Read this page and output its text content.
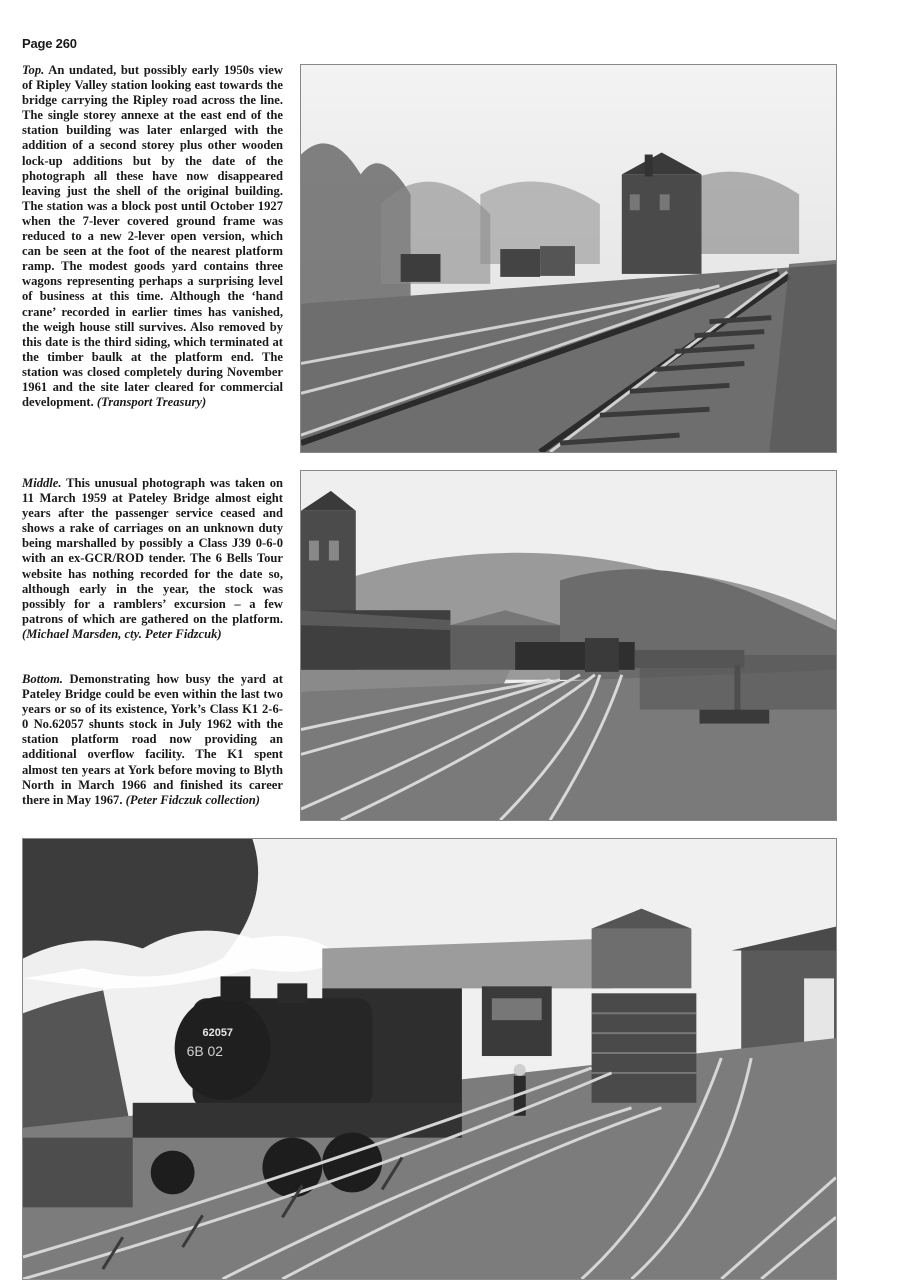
Page 260

Top. An undated, but possibly early 1950s view of Ripley Valley station looking east towards the bridge carrying the Ripley road across the line. The single storey annexe at the east end of the station building was later enlarged with the addition of a second storey plus other wooden lock-up additions but by the date of the photograph all these have now disappeared leaving just the shell of the original building. The station was a block post until October 1927 when the 7-lever covered ground frame was reduced to a new 2-lever open version, which can be seen at the foot of the nearest platform ramp. The modest goods yard contains three wagons representing perhaps a surprising level of business at this time. Although the ‘hand crane’ recorded in earlier times has vanished, the weigh house still survives. Also removed by this date is the third siding, which terminated at the timber baulk at the platform end. The station was closed completely during November 1961 and the site later cleared for commercial development. (Transport Treasury)

Middle. This unusual photograph was taken on 11 March 1959 at Pateley Bridge almost eight years after the passenger service ceased and shows a rake of carriages on an unknown duty being marshalled by possibly a Class J39 0-6-0 with an ex-GCR/ROD tender. The 6 Bells Tour website has nothing recorded for the date so, although early in the year, the stock was possibly for a ramblers’ excursion – a few patrons of which are gathered on the platform. (Michael Marsden, cty. Peter Fidzcuk)

Bottom. Demonstrating how busy the yard at Pateley Bridge could be even within the last two years or so of its existence, York’s Class K1 2-6-0 No.62057 shunts stock in July 1962 with the station platform road now providing an additional overflow facility. The K1 spent almost ten years at York before moving to Blyth North in March 1966 and finished its career there in May 1967. (Peter Fidczuk collection)

62057
6B 02
